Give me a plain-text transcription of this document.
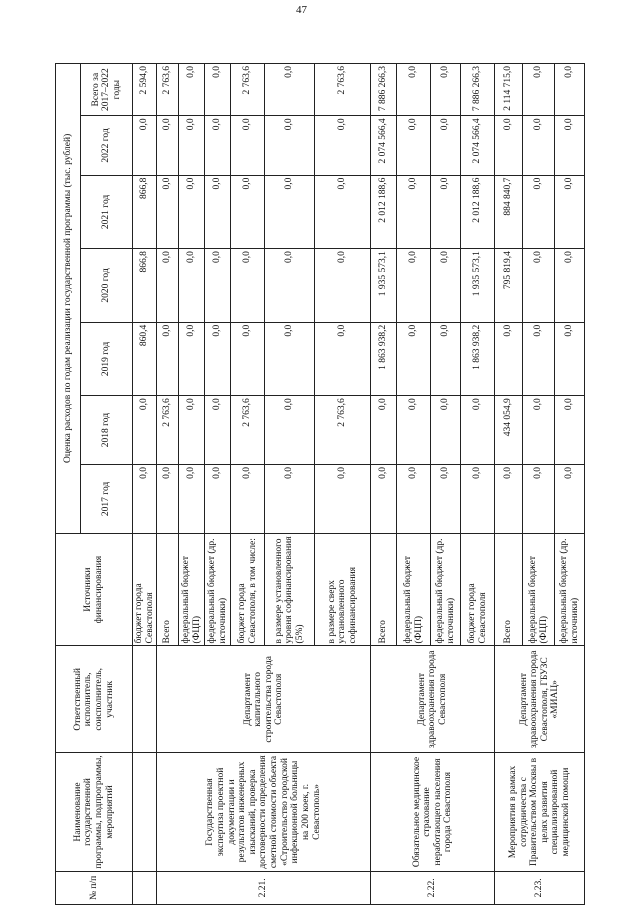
47
№ п/п	Наименование государственной программы, подпрограммы, мероприятий	Ответственный исполнитель, соисполнитель, участник	Источники финансирования	Оценка расходов по годам реализации государственной программы (тыс. рублей)						
				2017 год	2018 год	2019 год	2020 год	2021 год	2022 год	Всего за 2017–2022 годы
			бюджет города Севастополя	0,0	0,0	860,4	866,8	866,8	0,0	2 594,0
2.21.	Государственная экспертиза проектной документации и результатов инженерных изысканий, проверка достоверности определения сметной стоимости объекта «Строительство городской инфекционной больницы на 200 коек, г. Севастополь»	Департамент капитального строительства города Севастополя	Всего	0,0	2 763,6	0,0	0,0	0,0	0,0	2 763,6
			федеральный бюджет (ФЦП)	0,0	0,0	0,0	0,0	0,0	0,0	0,0
			федеральный бюджет (др. источники)	0,0	0,0	0,0	0,0	0,0	0,0	0,0
			бюджет города Севастополя, в том числе:	0,0	2 763,6	0,0	0,0	0,0	0,0	2 763,6
			в размере установленного уровня софинансирования (5%)	0,0	0,0	0,0	0,0	0,0	0,0	0,0
			в размере сверх установленного софинансирования	0,0	2 763,6	0,0	0,0	0,0	0,0	2 763,6
2.22.	Обязательное медицинское страхование неработающего населения города Севастополя	Департамент здравоохранения города Севастополя	Всего	0,0	0,0	1 863 938,2	1 935 573,1	2 012 188,6	2 074 566,4	7 886 266,3
			федеральный бюджет (ФЦП)	0,0	0,0	0,0	0,0	0,0	0,0	0,0
			федеральный бюджет (др. источники)	0,0	0,0	0,0	0,0	0,0	0,0	0,0
			бюджет города Севастополя	0,0	0,0	1 863 938,2	1 935 573,1	2 012 188,6	2 074 566,4	7 886 266,3
2.23.	Мероприятия в рамках сотрудничества с Правительством Москвы в целях развития специализированной медицинской помощи	Департамент здравоохранения города Севастополя, ГБУЗС «МИАЦ»	Всего	0,0	434 054,9	0,0	795 819,4	884 840,7	0,0	2 114 715,0
			федеральный бюджет (ФЦП)	0,0	0,0	0,0	0,0	0,0	0,0	0,0
			федеральный бюджет (др. источники)	0,0	0,0	0,0	0,0	0,0	0,0	0,0
